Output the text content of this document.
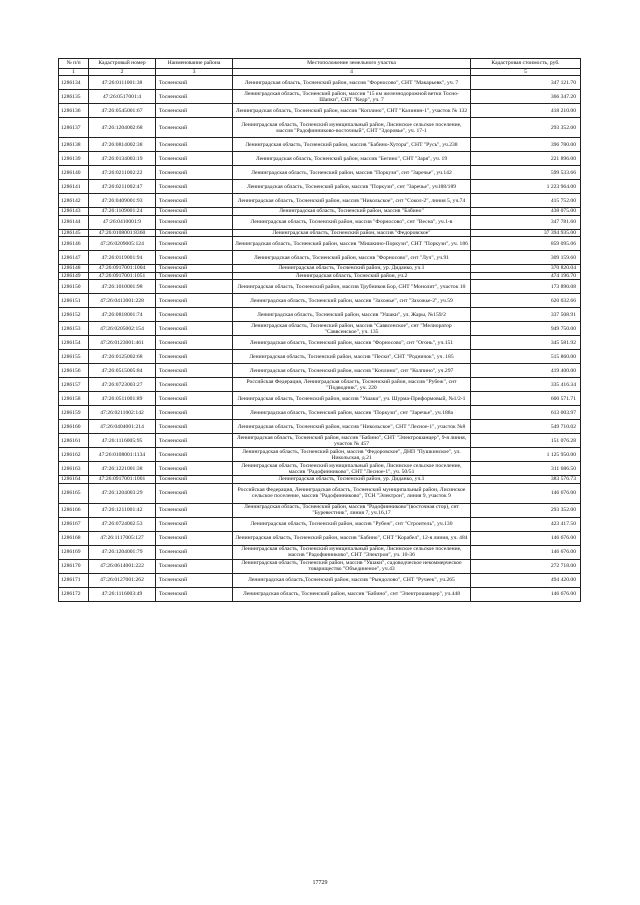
№ п/п	Кадастровый номер	Наименование района	Местоположение земельного участка	Кадастровая стоимость, руб.
1	2	3	4	5
1286134	47:26:0111001:38	Тосненский	Ленинградская область, Тосненский район, массив "Форносово", СНТ "Макарьевк", уч. 7	347 121.70
1286135	47:26:0517001:4	Тосненский	Ленинградская область, Тосненский район, массив "15 км железнодорожной ветки Тосно-Шапки", СНТ "Кедр", уч. 7	366 347.20
1286136	47:26:0545001:67	Тосненский	Ленинградская область, Тосненский район, массив "Коплино", СНТ "Калинин-1", участок № 132	418 210.00
1286137	47:26:1204002:68	Тосненский	Ленинградская область, Тосненский муниципальный район, Лисинское сельское поселение, массив "Радофинниково-восточный", СНТ "Здоровье", уч. 17-1	293 352.00
1286138	47:26:0814002:38	Тосненский	Ленинградская область, Тосненский район, массив "Бабино-Хутора", СНТ "Русь", уч.238	396 780.00
1286139	47:26:0134003:19	Тосненский	Ленинградская область, Тосненский район, массив "Бегино", СНТ "Заря", уч. 19	221 896.00
1286140	47:26:0211002:22	Тосненский	Ленинградская область, Тосненский район, массив "Поркузи", снт "Заречье", уч.142	599 533.66
1286141	47:26:0211002:47	Тосненский	Ленинградская область, Тосненский район, массив "Поркузи", снт "Заречье", уч188/189	1 223 964.00
1286142	47:26:0409001:93	Тосненский	Ленинградская область, Тосненский район, массив "Никольское", снт "Сокол-2", линия 5, уч.74	415 752.00
1286143	47:26:1109001:24	Тосненский	Ленинградская область, Тосненский район, массив "Бабино"	438 075.00
1286144	47:26:0410001:9	Тосненский	Ленинградская область, Тосненский район, массив "Форносово", снт "Весна", уч.1-в	347 781.60
1286145	47:26:0108001:8360	Тосненский	Ленинградская область, Тосненский район, массив "Федоровское"	37 394 935.00
1286146	47:26:0209005:124	Тосненский	Ленинградская область, Тосненский район, массив "Мишкино-Поркузи", СНТ "Поркузи", уч. 186	859 095.06
1286147	47:26:0119001:94	Тосненский	Ленинградская область, Тосненский район, массив "Форносово", снт "Луч", уч.91	309 159.60
1286148	47:26:0917001:1004	Тосненский	Ленинградская область, Тосненский район, ур. Диданко, уч.1	370 820.04
1286149	47:26:0917001:1051	Тосненский	Ленинградская область, Тоснеский район, уч.2	474 196.70
1286150	47:26:1010001:98	Тосненский	Ленинградская область, Тосненский район, массив Трубников Бор, СНТ "Монолит", участок 10	173 890.08
1286151	47:26:0413001:228	Тосненский	Ленинградская область, Тосненский район, массив "Захожье", снт "Захожье-2", уч.59	620 032.66
1286152	47:26:0818001:74	Тосненский	Ленинградская область, Тосненский район, массив "Ушаки", ул. Жары, №159/2	337 508.91
1286153	47:26:0205002:154	Тосненский	Ленинградская область, Тосненский район, массив "Саввсенское", снт "Мелиоратор "Саввсенское", уч. 135	949 750.00
1286154	47:26:0123001:461	Тосненский	Ленинградская область, Тосненский район, массив "Форносово", снт "Огонь", уч.151	345 581.92
1286155	47:26:0125002:68	Тосненский	Ленинградская область, Тосненский район, массив "Пески", СНТ "Родничок", уч. 185	515 860.00
1286156	47:26:0515005:84	Тосненский	Ленинградская область, Тосненский район, массив "Коплино", снт "Колпино", уч.297	419 400.00
1286157	47:26:0723003:27	Тосненский	Российская Федерация, Ленинградская область, Тосненский район, массив "Рубеж", снт "Подводник", уч. 220	335 416.34
1286158	47:26:0511001:89	Тосненский	Ленинградская область, Тосненский район, массив "Ушаки", уч. Шурма-Приформовый, №1/2-1	600 571.71
1286159	47:26:0211002:142	Тосненский	Ленинградская область, Тосненский район, массив "Поркузи", снт "Заречье", уч.188а	613 003.97
1286160	47:26:0404001:214	Тосненский	Ленинградская область, Тосненский район, массив "Никольское", СНТ "Лесное-1", участок №8	549 710.02
1286161	47:26:1116005:95	Тосненский	Ленинградская область, Тосненский район, массив "Бабино", СНТ "Электрошанцер", 9-я линия, участок № 457	151 076.28
1286162	47:26:0108001:1134	Тосненский	Ленинградская область, Тосненский район, массив "Федоровское", ДНП "Пушкинское", ул. Никольская, д.21	1 125 950.00
1286163	47:26:1221001:38	Тосненский	Ленинградская область, Тосненский муниципальный район, Лисинское сельское поселение, массив "Радофинниково", СНТ "Лесное-1", уч. 50/51	311 686.50
1286164	47:26:0917001:1001	Тосненский	Ленинградская область, Тосненский район, ур. Диданко, уч.1	383 576.73
1286165	47:26:1204003:29	Тосненский	Российская Федерация, Ленинградская область, Тосненский муниципальный район, Лисинское сельское поселение, массив "Радофинниково", ТСН "Электрон", линия 9, участок 9	146 676.00
1286166	47:26:1211001:42	Тосненский	Ленинградская область, Тосненский район, массив "Радофинниково"(восточная стор), снт "Буревестник", линия 7, уч.16,17	293 352.00
1286167	47:26:0724002:53	Тосненский	Ленинградская область, Тосненский район, массив "Рубеж", снт "Строитель", уч.130	423 417.50
1286168	47:26:1117005:127	Тосненский	Ленинградская область, Тосненский район, массив "Бабино", СНТ "Корабел", 12-я линия, уч. 484	146 676.00
1286169	47:26:1204001:79	Тосненский	Ленинградская область, Тосненский муниципальный район, Лисинское сельское поселение, массив "Радофинниково", СНТ "Электрон", уч. 10-36	146 676.00
1286170	47:26:0614001:222	Тосненский	Ленинградская область, Тосненский район, массив "Ушаки", садоводческое некоммерческое товарищество "Объединеное", уч.43	272 718.00
1286171	47:26:0127001:262	Тосненский	Ленинградская область,Тосненский район, массив "Рындолово", СНТ "Ручеек", уч.265	494 420.00
1286172	47:26:1116003:49	Тосненский	Ленинградская область, Тосненский район, массив "Бабино", снт "Электрошанцер", уч.448	146 676.00
17729
